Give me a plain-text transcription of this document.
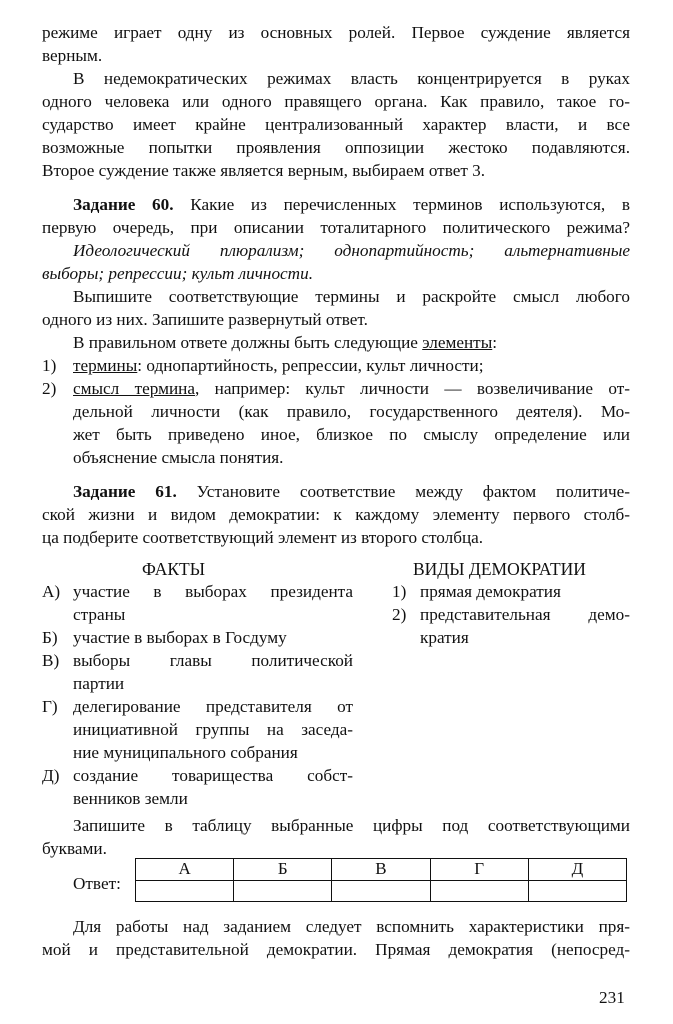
режиме играет одну из основных ролей. Первое суждение является
верным.
В недемократических режимах власть концентрируется в руках
одного человека или одного правящего органа. Как правило, такое го-
сударство имеет крайне централизованный характер власти, и все
возможные попытки проявления оппозиции жестоко подавляются.
Второе суждение также является верным, выбираем ответ 3.
Задание 60. Какие из перечисленных терминов используются, в
первую очередь, при описании тоталитарного политического режима?
Идеологический плюрализм; однопартийность; альтернативные
выборы; репрессии; культ личности.
Выпишите соответствующие термины и раскройте смысл любого
одного из них. Запишите развернутый ответ.
В правильном ответе должны быть следующие элементы:
1) термины: однопартийность, репрессии, культ личности;
2) смысл термина, например: культ личности — возвеличивание от-
дельной личности (как правило, государственного деятеля). Мо-
жет быть приведено иное, близкое по смыслу определение или
объяснение смысла понятия.
Задание 61. Установите соответствие между фактом политиче-
ской жизни и видом демократии: к каждому элементу первого столб-
ца подберите соответствующий элемент из второго столбца.
ФАКТЫ	ВИДЫ ДЕМОКРАТИИ
А) участие в выборах президента
страны
Б) участие в выборах в Госдуму
В) выборы главы политической
партии
Г) делегирование представителя от
инициативной группы на заседа-
ние муниципального собрания
Д) создание товарищества собст-
венников земли
1) прямая демократия
2) представительная демо-
кратия
Запишите в таблицу выбранные цифры под соответствующими
буквами.
Ответ:
А	Б	В	Г	Д

Для работы над заданием следует вспомнить характеристики пря-
мой и представительной демократии. Прямая демократия (непосред-
231
